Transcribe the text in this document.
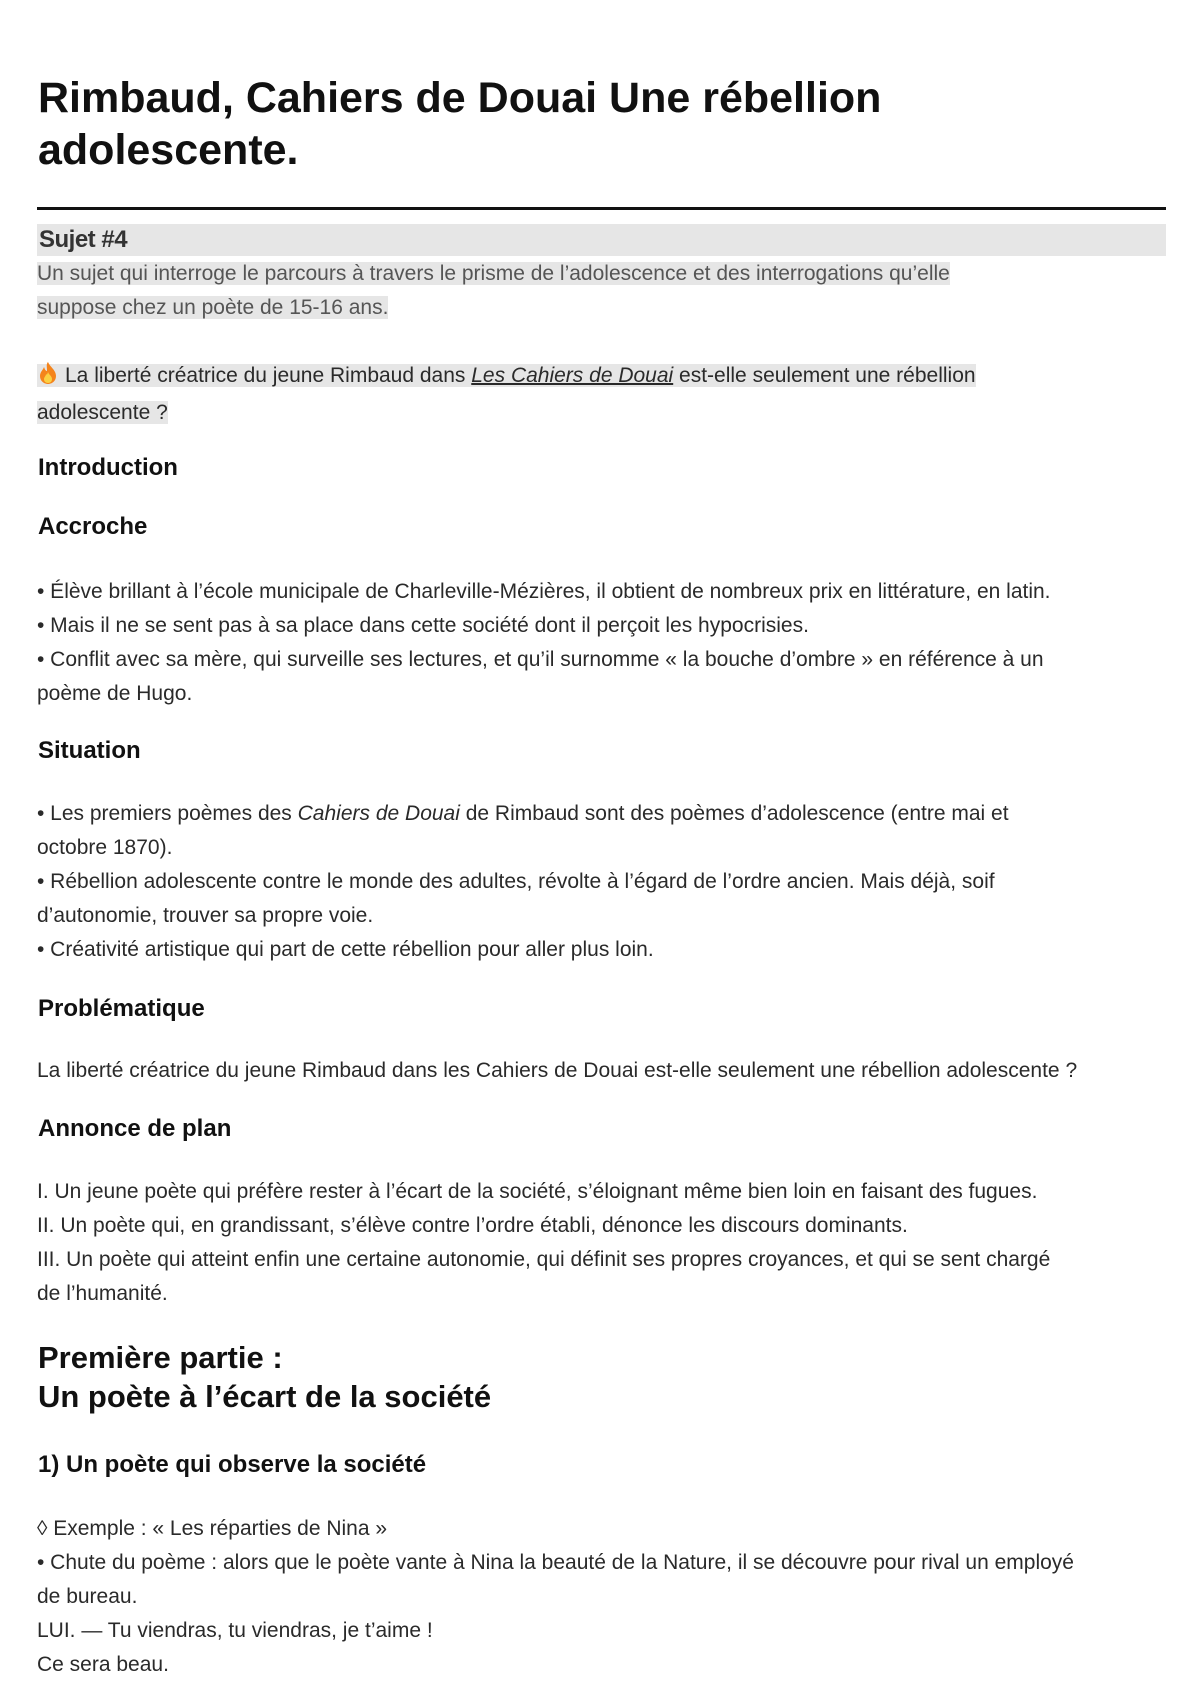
Rimbaud, Cahiers de Douai Une rébellion
adolescente.
Sujet #4

Un sujet qui interroge le parcours à travers le prisme de l’adolescence et des interrogations qu’elle
suppose chez un poète de 15-16 ans.

La liberté créatrice du jeune Rimbaud dans Les Cahiers de Douai est-elle seulement une rébellion
adolescente ?

Introduction
Accroche

• Élève brillant à l’école municipale de Charleville-Mézières, il obtient de nombreux prix en littérature, en latin.
• Mais il ne se sent pas à sa place dans cette société dont il perçoit les hypocrisies.
• Conflit avec sa mère, qui surveille ses lectures, et qu’il surnomme « la bouche d’ombre » en référence à un
poème de Hugo.

Situation

• Les premiers poèmes des Cahiers de Douai de Rimbaud sont des poèmes d’adolescence (entre mai et
octobre 1870).
• Rébellion adolescente contre le monde des adultes, révolte à l’égard de l’ordre ancien. Mais déjà, soif
d’autonomie, trouver sa propre voie.
• Créativité artistique qui part de cette rébellion pour aller plus loin.

Problématique

La liberté créatrice du jeune Rimbaud dans les Cahiers de Douai est-elle seulement une rébellion adolescente ?

Annonce de plan

I. Un jeune poète qui préfère rester à l’écart de la société, s’éloignant même bien loin en faisant des fugues.
II. Un poète qui, en grandissant, s’élève contre l’ordre établi, dénonce les discours dominants.
III. Un poète qui atteint enfin une certaine autonomie, qui définit ses propres croyances, et qui se sent chargé
de l’humanité.

Première partie :
Un poète à l’écart de la société
1) Un poète qui observe la société

◊ Exemple : « Les réparties de Nina »
• Chute du poème : alors que le poète vante à Nina la beauté de la Nature, il se découvre pour rival un employé
de bureau.
LUI. — Tu viendras, tu viendras, je t’aime !
Ce sera beau.
